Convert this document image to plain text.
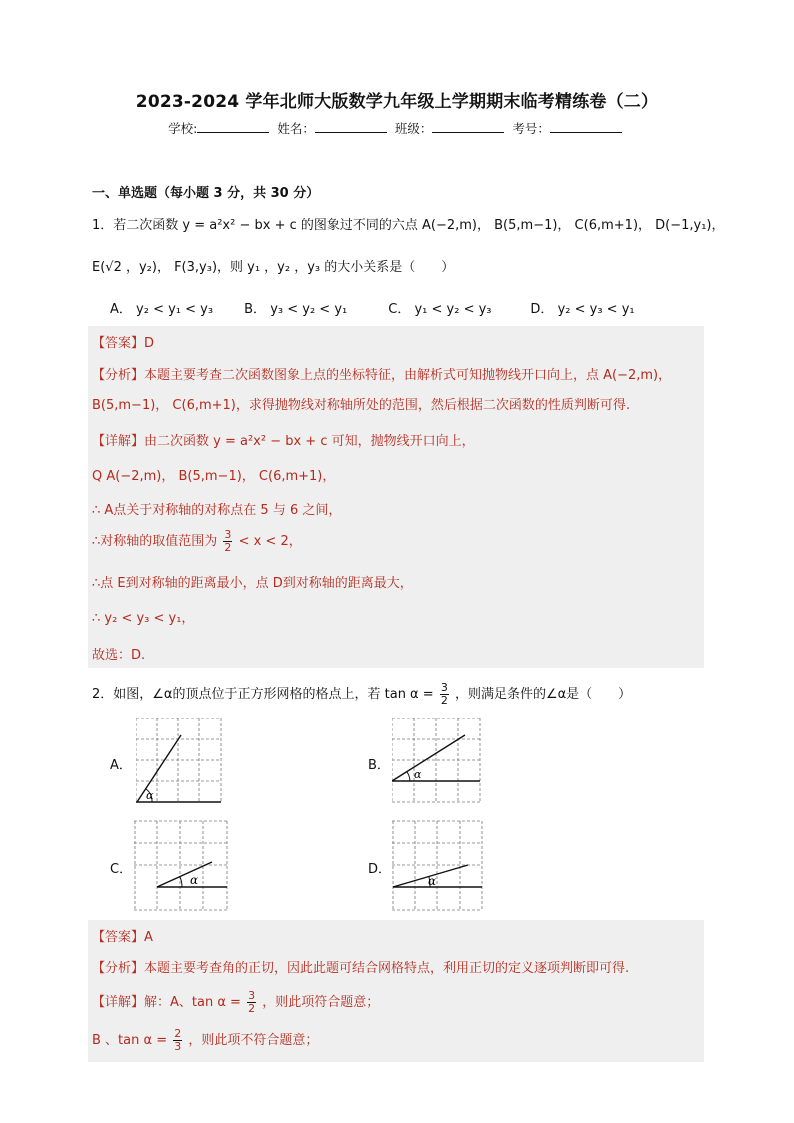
2023-2024 学年北师大版数学九年级上学期期末临考精练卷（二）
学校:	姓名：	班级：	考号：
一、单选题（每小题 3 分，共 30 分）
1．若二次函数 y = a²x² − bx + c 的图象过不同的六点 A(−2,m)， B(5,m−1)， C(6,m+1)， D(−1,y₁)，
E(√2 ，y₂)， F(3,y₃)，则 y₁ ，y₂ ，y₃ 的大小关系是（　　）
A． y₂ < y₁ < y₃ B． y₃ < y₂ < y₁	C． y₁ < y₂ < y₃	D． y₂ < y₃ < y₁
【答案】D
【分析】本题主要考查二次函数图象上点的坐标特征，由解析式可知抛物线开口向上，点 A(−2,m)，
B(5,m−1)， C(6,m+1)，求得抛物线对称轴所处的范围，然后根据二次函数的性质判断可得.
【详解】由二次函数 y = a²x² − bx + c 可知，抛物线开口向上，
Q A(−2,m)， B(5,m−1)， C(6,m+1)，
∴ A点关于对称轴的对称点在 5 与 6 之间，
∴对称轴的取值范围为 $\frac{3}{2} < x < 2$，
∴点 E到对称轴的距离最小，点 D到对称轴的距离最大，
∴ y₂ < y₃ < y₁，
故选：D.
2．如图，∠α的顶点位于正方形网格的格点上，若 $\tan \alpha = \frac{3}{2}$ ，则满足条件的∠α是（　　）
A．
α
B．
α
C．
α
D．
α
【答案】A
【分析】本题主要考查角的正切，因此此题可结合网格特点，利用正切的定义逐项判断即可得.
【详解】解：A、$\tan \alpha = \frac{3}{2}$ ，则此项符合题意；
B 、$\tan \alpha = \frac{2}{3}$ ，则此项不符合题意；
